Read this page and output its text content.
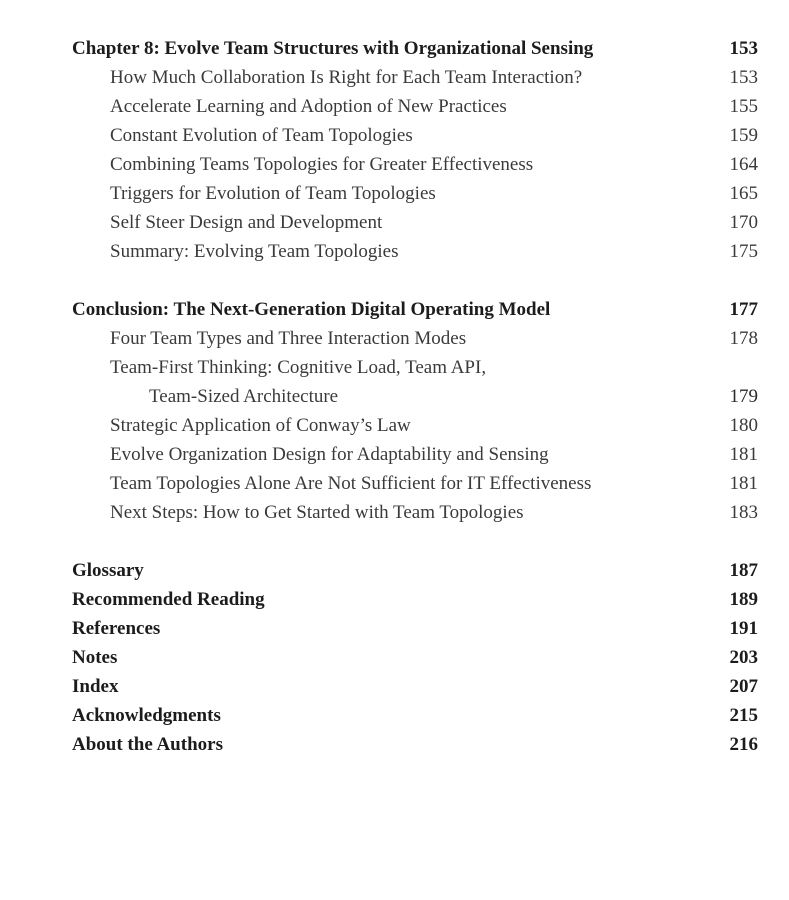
Chapter 8: Evolve Team Structures with Organizational Sensing	153
How Much Collaboration Is Right for Each Team Interaction?	153
Accelerate Learning and Adoption of New Practices	155
Constant Evolution of Team Topologies	159
Combining Teams Topologies for Greater Effectiveness	164
Triggers for Evolution of Team Topologies	165
Self Steer Design and Development	170
Summary: Evolving Team Topologies	175
Conclusion: The Next-Generation Digital Operating Model	177
Four Team Types and Three Interaction Modes	178
Team-First Thinking: Cognitive Load, Team API,
Team-Sized Architecture	179
Strategic Application of Conway’s Law	180
Evolve Organization Design for Adaptability and Sensing	181
Team Topologies Alone Are Not Sufficient for IT Effectiveness	181
Next Steps: How to Get Started with Team Topologies	183
Glossary	187
Recommended Reading	189
References	191
Notes	203
Index	207
Acknowledgments	215
About the Authors	216
